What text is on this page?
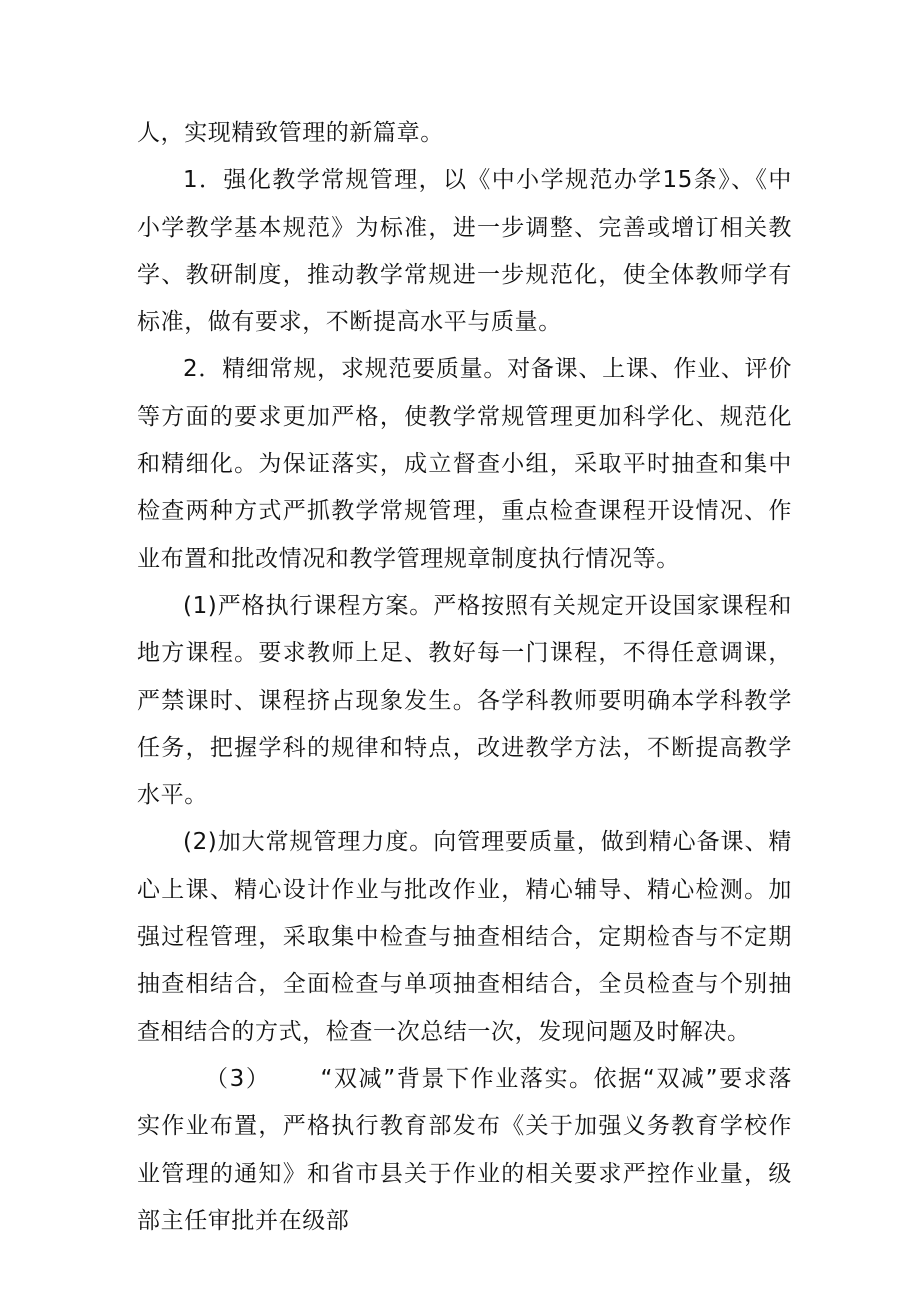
人，实现精致管理的新篇章。

1．强化教学常规管理，以《中小学规范办学15条》、《中小学教学基本规范》为标准，进一步调整、完善或增订相关教学、教研制度，推动教学常规进一步规范化，使全体教师学有标准，做有要求，不断提高水平与质量。

2．精细常规，求规范要质量。对备课、上课、作业、评价等方面的要求更加严格，使教学常规管理更加科学化、规范化和精细化。为保证落实，成立督查小组，采取平时抽查和集中检查两种方式严抓教学常规管理，重点检查课程开设情况、作业布置和批改情况和教学管理规章制度执行情况等。

(1)严格执行课程方案。严格按照有关规定开设国家课程和地方课程。要求教师上足、教好每一门课程，不得任意调课，严禁课时、课程挤占现象发生。各学科教师要明确本学科教学任务，把握学科的规律和特点，改进教学方法，不断提高教学水平。

(2)加大常规管理力度。向管理要质量，做到精心备课、精心上课、精心设计作业与批改作业，精心辅导、精心检测。加强过程管理，采取集中检查与抽查相结合，定期检杳与不定期抽查相结合，全面检查与单项抽查相结合，全员检查与个别抽查相结合的方式，检查一次总结一次，发现问题及时解决。

（3） “双减”背景下作业落实。依据“双减”要求落实作业布置，严格执行教育部发布《关于加强义务教育学校作业管理的通知》和省市县关于作业的相关要求严控作业量，级部主任审批并在级部
